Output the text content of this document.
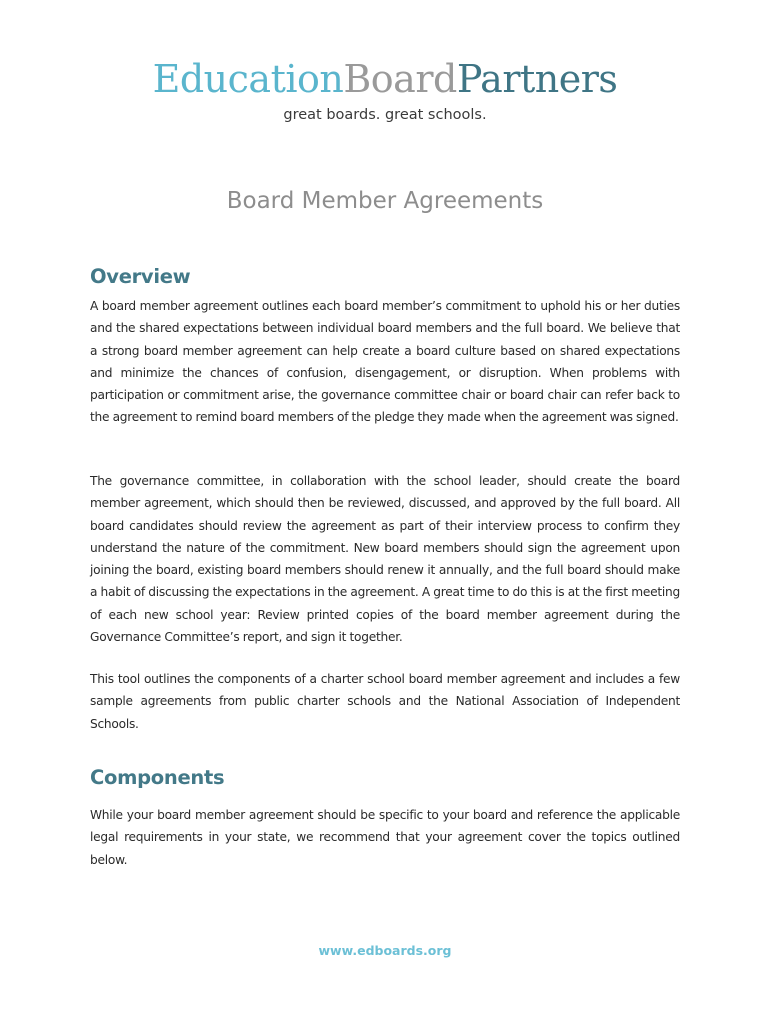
EducationBoardPartners
great boards. great schools.
Board Member Agreements
Overview

A board member agreement outlines each board member’s commitment to uphold his or her duties and the shared expectations between individual board members and the full board. We believe that a strong board member agreement can help create a board culture based on shared expectations and minimize the chances of confusion, disengagement, or disruption. When problems with participation or commitment arise, the governance committee chair or board chair can refer back to the agreement to remind board members of the pledge they made when the agreement was signed.

The governance committee, in collaboration with the school leader, should create the board member agreement, which should then be reviewed, discussed, and approved by the full board. All board candidates should review the agreement as part of their interview process to confirm they understand the nature of the commitment. New board members should sign the agreement upon joining the board, existing board members should renew it annually, and the full board should make a habit of discussing the expectations in the agreement. A great time to do this is at the first meeting of each new school year: Review printed copies of the board member agreement during the Governance Committee’s report, and sign it together.

This tool outlines the components of a charter school board member agreement and includes a few sample agreements from public charter schools and the National Association of Independent Schools.

Components

While your board member agreement should be specific to your board and reference the applicable legal requirements in your state, we recommend that your agreement cover the topics outlined below.

www.edboards.org
